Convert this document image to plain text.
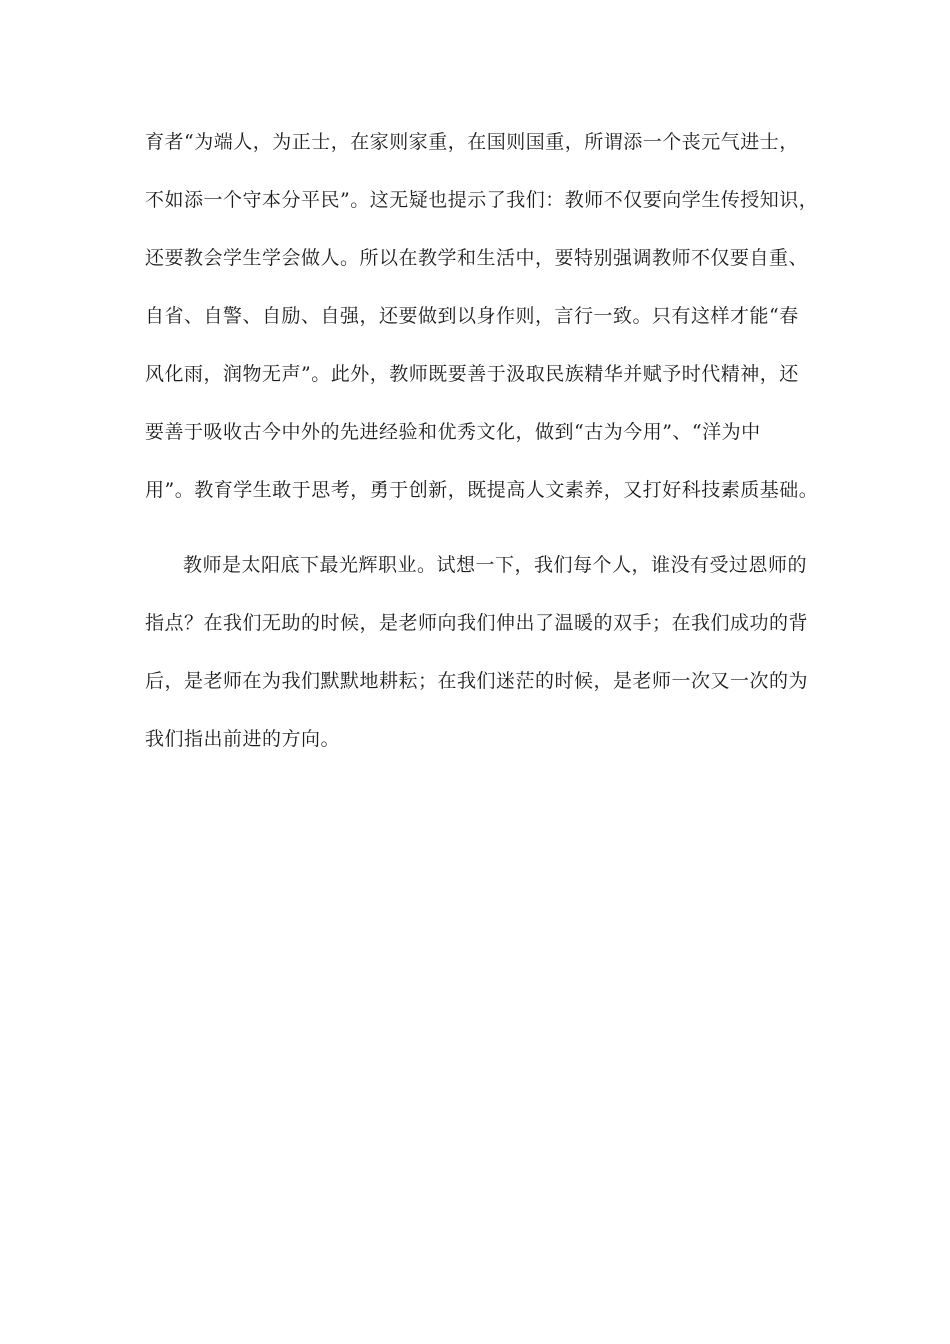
育者“为端人，为正士，在家则家重，在国则国重，所谓添一个丧元气进士，
不如添一个守本分平民”。这无疑也提示了我们：教师不仅要向学生传授知识，
还要教会学生学会做人。所以在教学和生活中，要特别强调教师不仅要自重、
自省、自警、自励、自强，还要做到以身作则，言行一致。只有这样才能“春
风化雨，润物无声”。此外，教师既要善于汲取民族精华并赋予时代精神，还
要善于吸收古今中外的先进经验和优秀文化，做到“古为今用”、“洋为中
用”。教育学生敢于思考，勇于创新，既提高人文素养，又打好科技素质基础。
教师是太阳底下最光辉职业。试想一下，我们每个人，谁没有受过恩师的
指点？在我们无助的时候，是老师向我们伸出了温暖的双手；在我们成功的背
后，是老师在为我们默默地耕耘；在我们迷茫的时候，是老师一次又一次的为
我们指出前进的方向。
